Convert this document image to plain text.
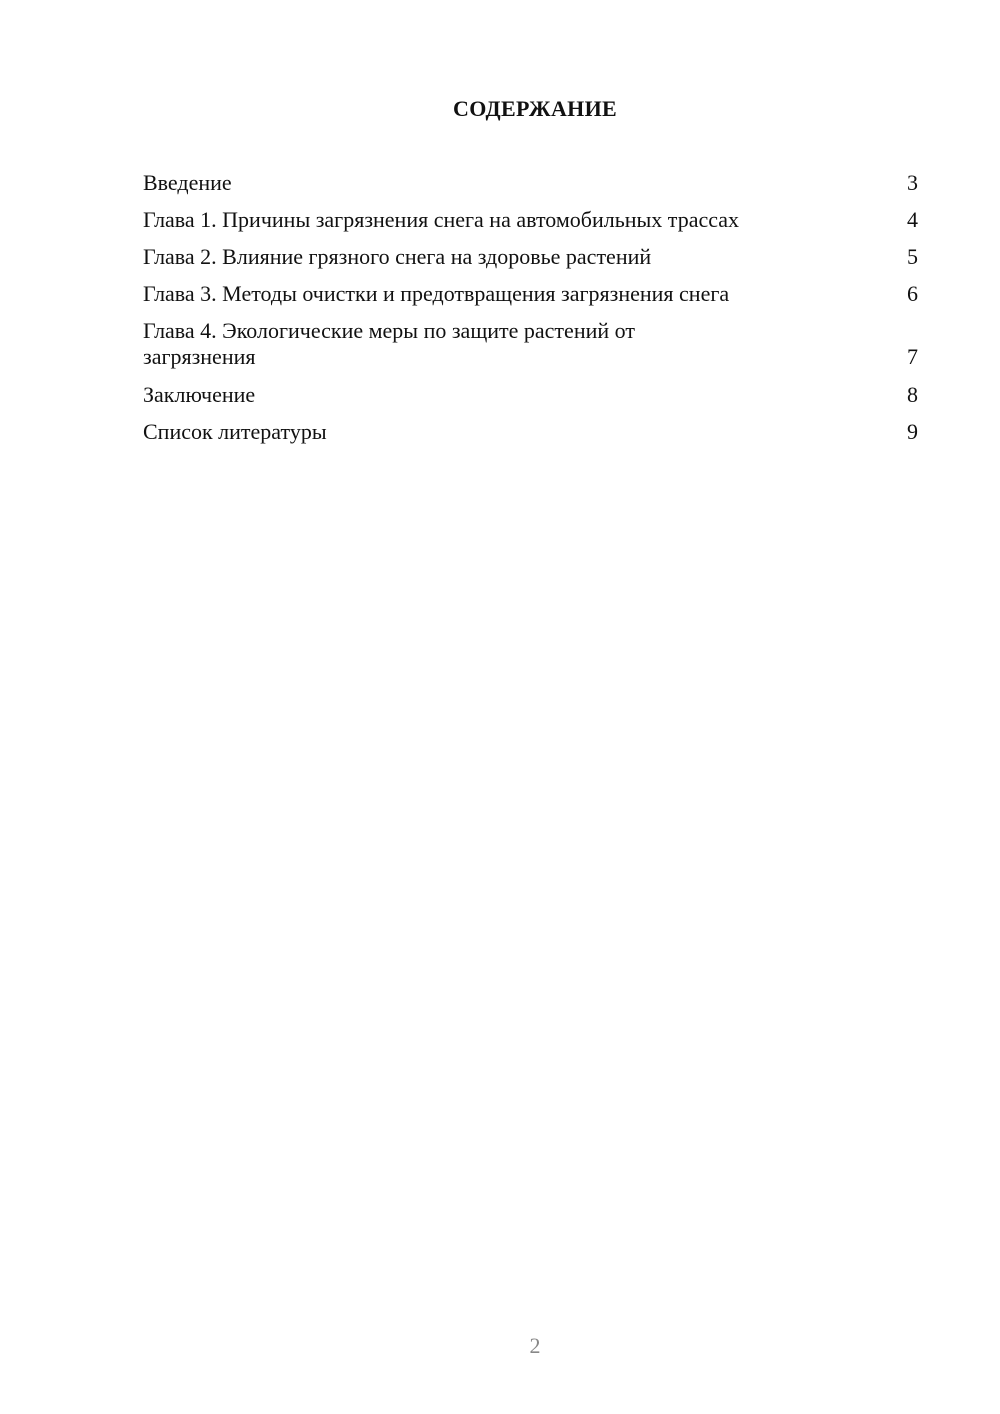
СОДЕРЖАНИЕ
Введение	3
Глава 1. Причины загрязнения снега на автомобильных трассах	4
Глава 2. Влияние грязного снега на здоровье растений	5
Глава 3. Методы очистки и предотвращения загрязнения снега	6
Глава 4. Экологические меры по защите растений от загрязнения	7
Заключение	8
Список литературы	9
2
